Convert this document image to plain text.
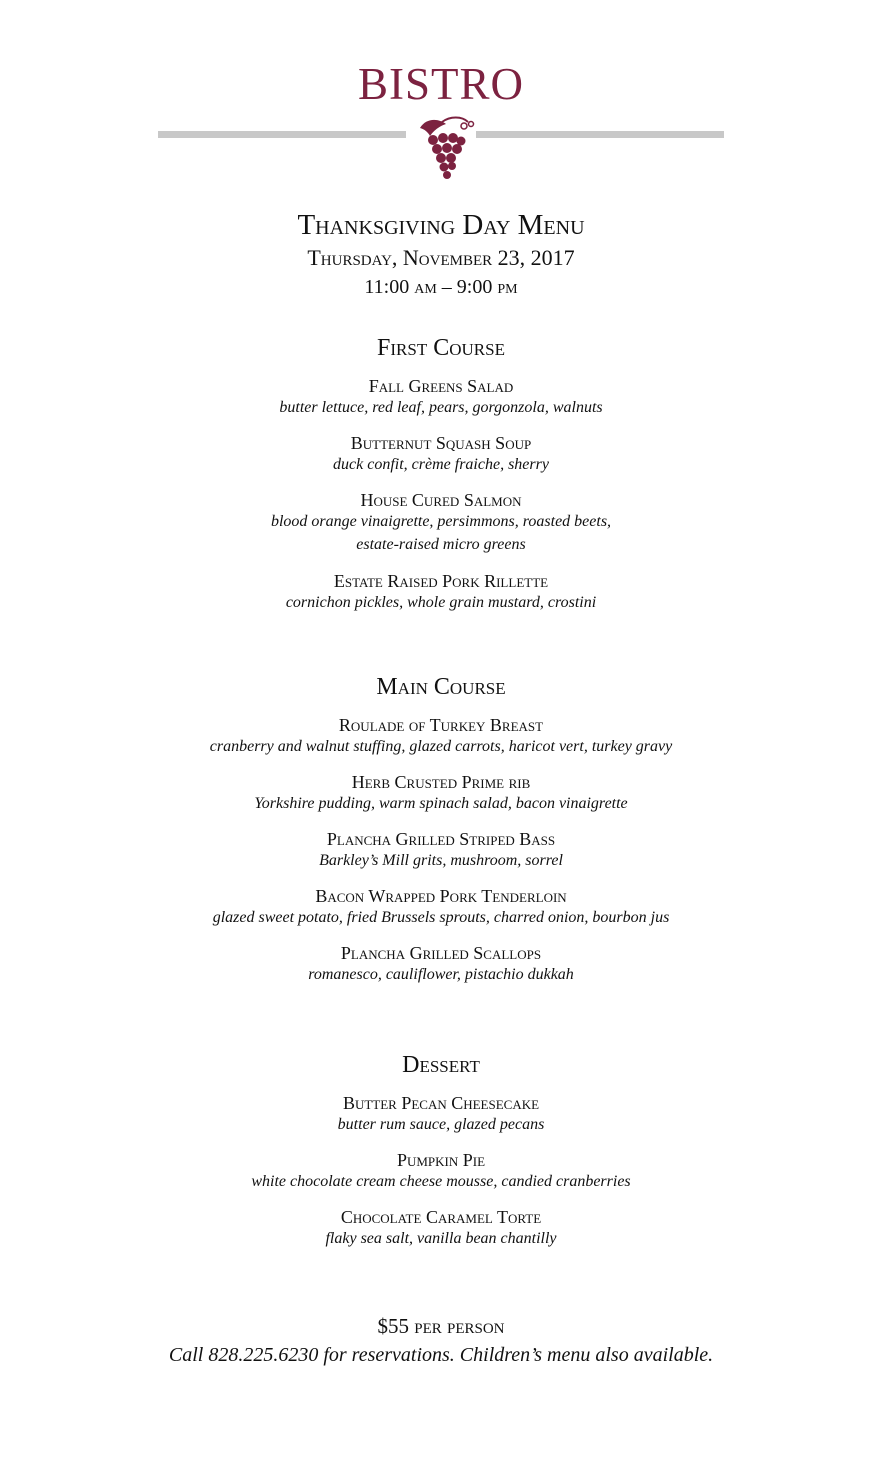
BISTRO
Thanksgiving Day Menu
Thursday, November 23, 2017
11:00 am – 9:00 pm
First Course
Fall Greens Salad
butter lettuce, red leaf, pears, gorgonzola, walnuts
Butternut Squash Soup
duck confit, crème fraiche, sherry
House Cured Salmon
blood orange vinaigrette, persimmons, roasted beets,
estate-raised micro greens
Estate Raised Pork Rillette
cornichon pickles, whole grain mustard, crostini
Main Course
Roulade of Turkey Breast
cranberry and walnut stuffing, glazed carrots, haricot vert, turkey gravy
Herb Crusted Prime rib
Yorkshire pudding, warm spinach salad, bacon vinaigrette
Plancha Grilled Striped Bass
Barkley’s Mill grits, mushroom, sorrel
Bacon Wrapped Pork Tenderloin
glazed sweet potato, fried Brussels sprouts, charred onion, bourbon jus
Plancha Grilled Scallops
romanesco, cauliflower, pistachio dukkah
Dessert
Butter Pecan Cheesecake
butter rum sauce, glazed pecans
Pumpkin Pie
white chocolate cream cheese mousse, candied cranberries
Chocolate Caramel Torte
flaky sea salt, vanilla bean chantilly
$55 per person
Call 828.225.6230 for reservations. Children’s menu also available.
